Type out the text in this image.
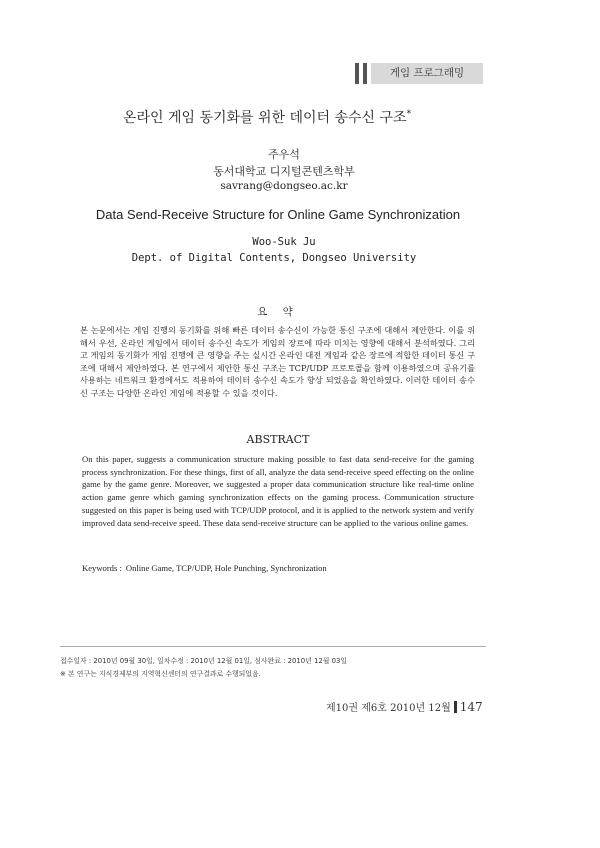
게임 프로그래밍
온라인 게임 동기화를 위한 데이터 송수신 구조*
주우석
동서대학교 디지털콘텐츠학부
savrang@dongseo.ac.kr
Data Send-Receive Structure for Online Game Synchronization
Woo-Suk Ju
Dept. of Digital Contents, Dongseo University
요 약
본 논문에서는 게임 진행의 동기화를 위해 빠른 데이터 송수신이 가능한 통신 구조에 대해서 제안한다. 이를 위해서 우선, 온라인 게임에서 데이터 송수신 속도가 게임의 장르에 따라 미치는 영향에 대해서 분석하였다. 그리고 게임의 동기화가 게임 진행에 큰 영향을 주는 실시간 온라인 대전 게임과 같은 장르에 적합한 데이터 통신 구조에 대해서 제안하였다. 본 연구에서 제안한 통신 구조는 TCP/UDP 프로토콜을 함께 이용하였으며 공유기를 사용하는 네트워크 환경에서도 적용하여 데이터 송수신 속도가 향상 되었음을 확인하였다. 이러한 데이터 송수신 구조는 다양한 온라인 게임에 적용할 수 있을 것이다.
ABSTRACT
On this paper, suggests a communication structure making possible to fast data send-receive for the gaming process synchronization. For these things, first of all, analyze the data send-receive speed effecting on the online game by the game genre. Moreover, we suggested a proper data communication structure like real-time online action game genre which gaming synchronization effects on the gaming process. Communication structure suggested on this paper is being used with TCP/UDP protocol, and it is applied to the network system and verify improved data send-receive speed. These data send-receive structure can be applied to the various online games.
Keywords : Online Game, TCP/UDP, Hole Punching, Synchronization
접수일자 : 2010년 09월 30일, 일차수정 : 2010년 12월 01일, 심사완료 : 2010년 12월 03일
※ 본 연구는 지식경제부의 지역혁신센터의 연구결과로 수행되었음.
제10권 제6호 2010년 12월 147
